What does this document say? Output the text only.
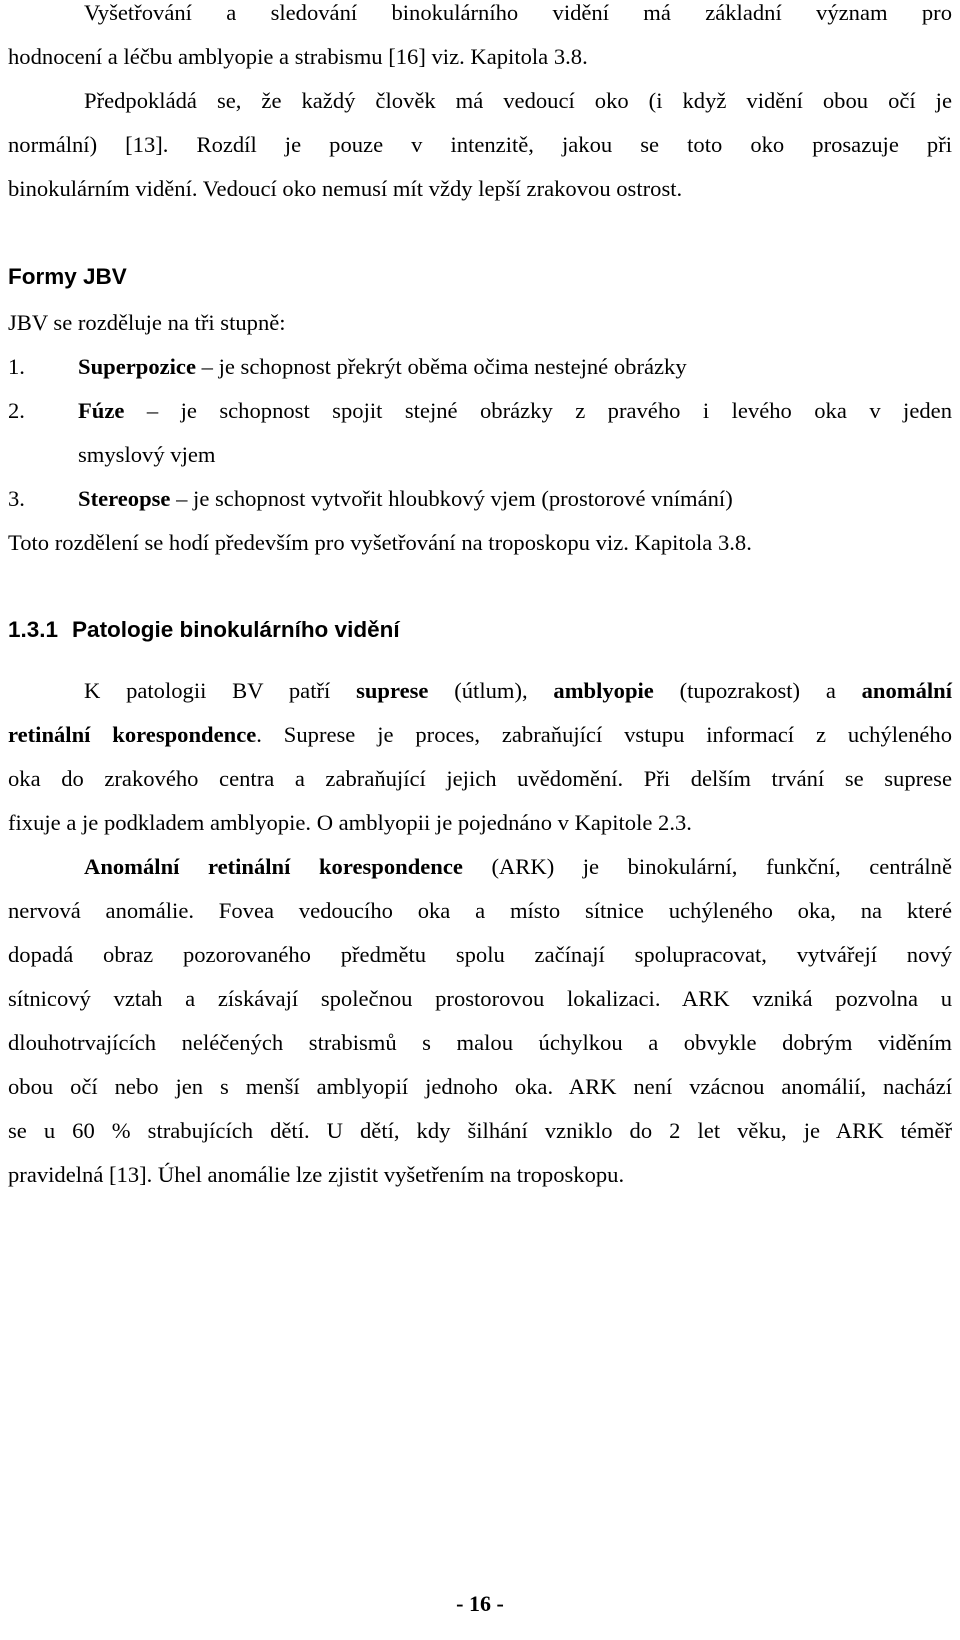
Vyšetřování a sledování binokulárního vidění má základní význam pro
hodnocení a léčbu amblyopie a strabismu [16] viz. Kapitola 3.8.
Předpokládá se, že každý člověk má vedoucí oko (i když vidění obou očí je
normální) [13]. Rozdíl je pouze v intenzitě, jakou se toto oko prosazuje při
binokulárním vidění. Vedoucí oko nemusí mít vždy lepší zrakovou ostrost.
Formy JBV
JBV se rozděluje na tři stupně:
1.	Superpozice – je schopnost překrýt oběma očima nestejné obrázky
2.	Fúze – je schopnost spojit stejné obrázky z pravého i levého oka v jeden
smyslový vjem
3.	Stereopse – je schopnost vytvořit hloubkový vjem (prostorové vnímání)
Toto rozdělení se hodí především pro vyšetřování na troposkopu viz. Kapitola 3.8.
1.3.1 Patologie binokulárního vidění
K patologii BV patří suprese (útlum), amblyopie (tupozrakost) a anomální
retinální korespondence. Suprese je proces, zabraňující vstupu informací z uchýleného
oka do zrakového centra a zabraňující jejich uvědomění. Při delším trvání se suprese
fixuje a je podkladem amblyopie. O amblyopii je pojednáno v Kapitole 2.3.
Anomální retinální korespondence (ARK) je binokulární, funkční, centrálně
nervová anomálie. Fovea vedoucího oka a místo sítnice uchýleného oka, na které
dopadá obraz pozorovaného předmětu spolu začínají spolupracovat, vytvářejí nový
sítnicový vztah a získávají společnou prostorovou lokalizaci. ARK vzniká pozvolna u
dlouhotrvajících neléčených strabismů s malou úchylkou a obvykle dobrým viděním
obou očí nebo jen s menší amblyopií jednoho oka. ARK není vzácnou anomálií, nachází
se u 60 % strabujících dětí. U dětí, kdy šilhání vzniklo do 2 let věku, je ARK téměř
pravidelná [13]. Úhel anomálie lze zjistit vyšetřením na troposkopu.
- 16 -
